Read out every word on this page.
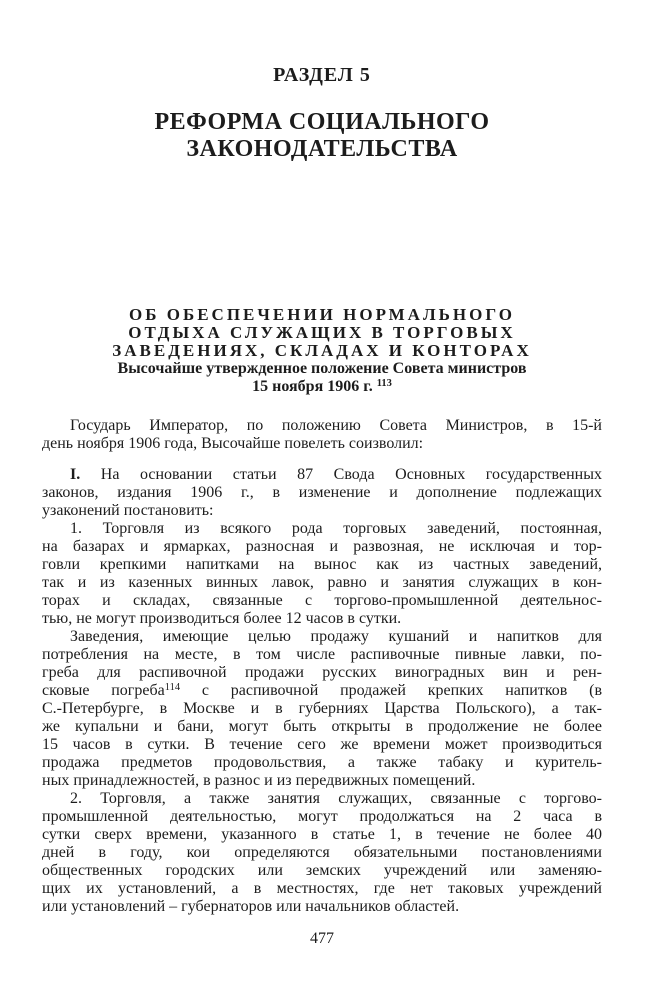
РАЗДЕЛ 5
РЕФОРМА СОЦИАЛЬНОГО
ЗАКОНОДАТЕЛЬСТВА
ОБ ОБЕСПЕЧЕНИИ НОРМАЛЬНОГО
ОТДЫХА СЛУЖАЩИХ В ТОРГОВЫХ
ЗАВЕДЕНИЯХ, СКЛАДАХ И КОНТОРАХ
Высочайше утвержденное положение Совета министров
15 ноября 1906 г. $^{113}$
Государь Император, по положению Совета Министров, в 15-й
день ноября 1906 года, Высочайше повелеть соизволил:
I. На основании статьи 87 Свода Основных государственных
законов, издания 1906 г., в изменение и дополнение подлежащих
узаконений постановить:
1. Торговля из всякого рода торговых заведений, постоянная,
на базарах и ярмарках, разносная и развозная, не исключая и тор-
говли крепкими напитками на вынос как из частных заведений,
так и из казенных винных лавок, равно и занятия служащих в кон-
торах и складах, связанные с торгово-промышленной деятельнос-
тью, не могут производиться более 12 часов в сутки.
Заведения, имеющие целью продажу кушаний и напитков для
потребления на месте, в том числе распивочные пивные лавки, по-
греба для распивочной продажи русских виноградных вин и рен-
сковые погреба$^{114}$ с распивочной продажей крепких напитков (в
С.-Петербурге, в Москве и в губерниях Царства Польского), а так-
же купальни и бани, могут быть открыты в продолжение не более
15 часов в сутки. В течение сего же времени может производиться
продажа предметов продовольствия, а также табаку и куритель-
ных принадлежностей, в разнос и из передвижных помещений.
2. Торговля, а также занятия служащих, связанные с торгово-
промышленной деятельностью, могут продолжаться на 2 часа в
сутки сверх времени, указанного в статье 1, в течение не более 40
дней в году, кои определяются обязательными постановлениями
общественных городских или земских учреждений или заменяю-
щих их установлений, а в местностях, где нет таковых учреждений
или установлений – губернаторов или начальников областей.
477
